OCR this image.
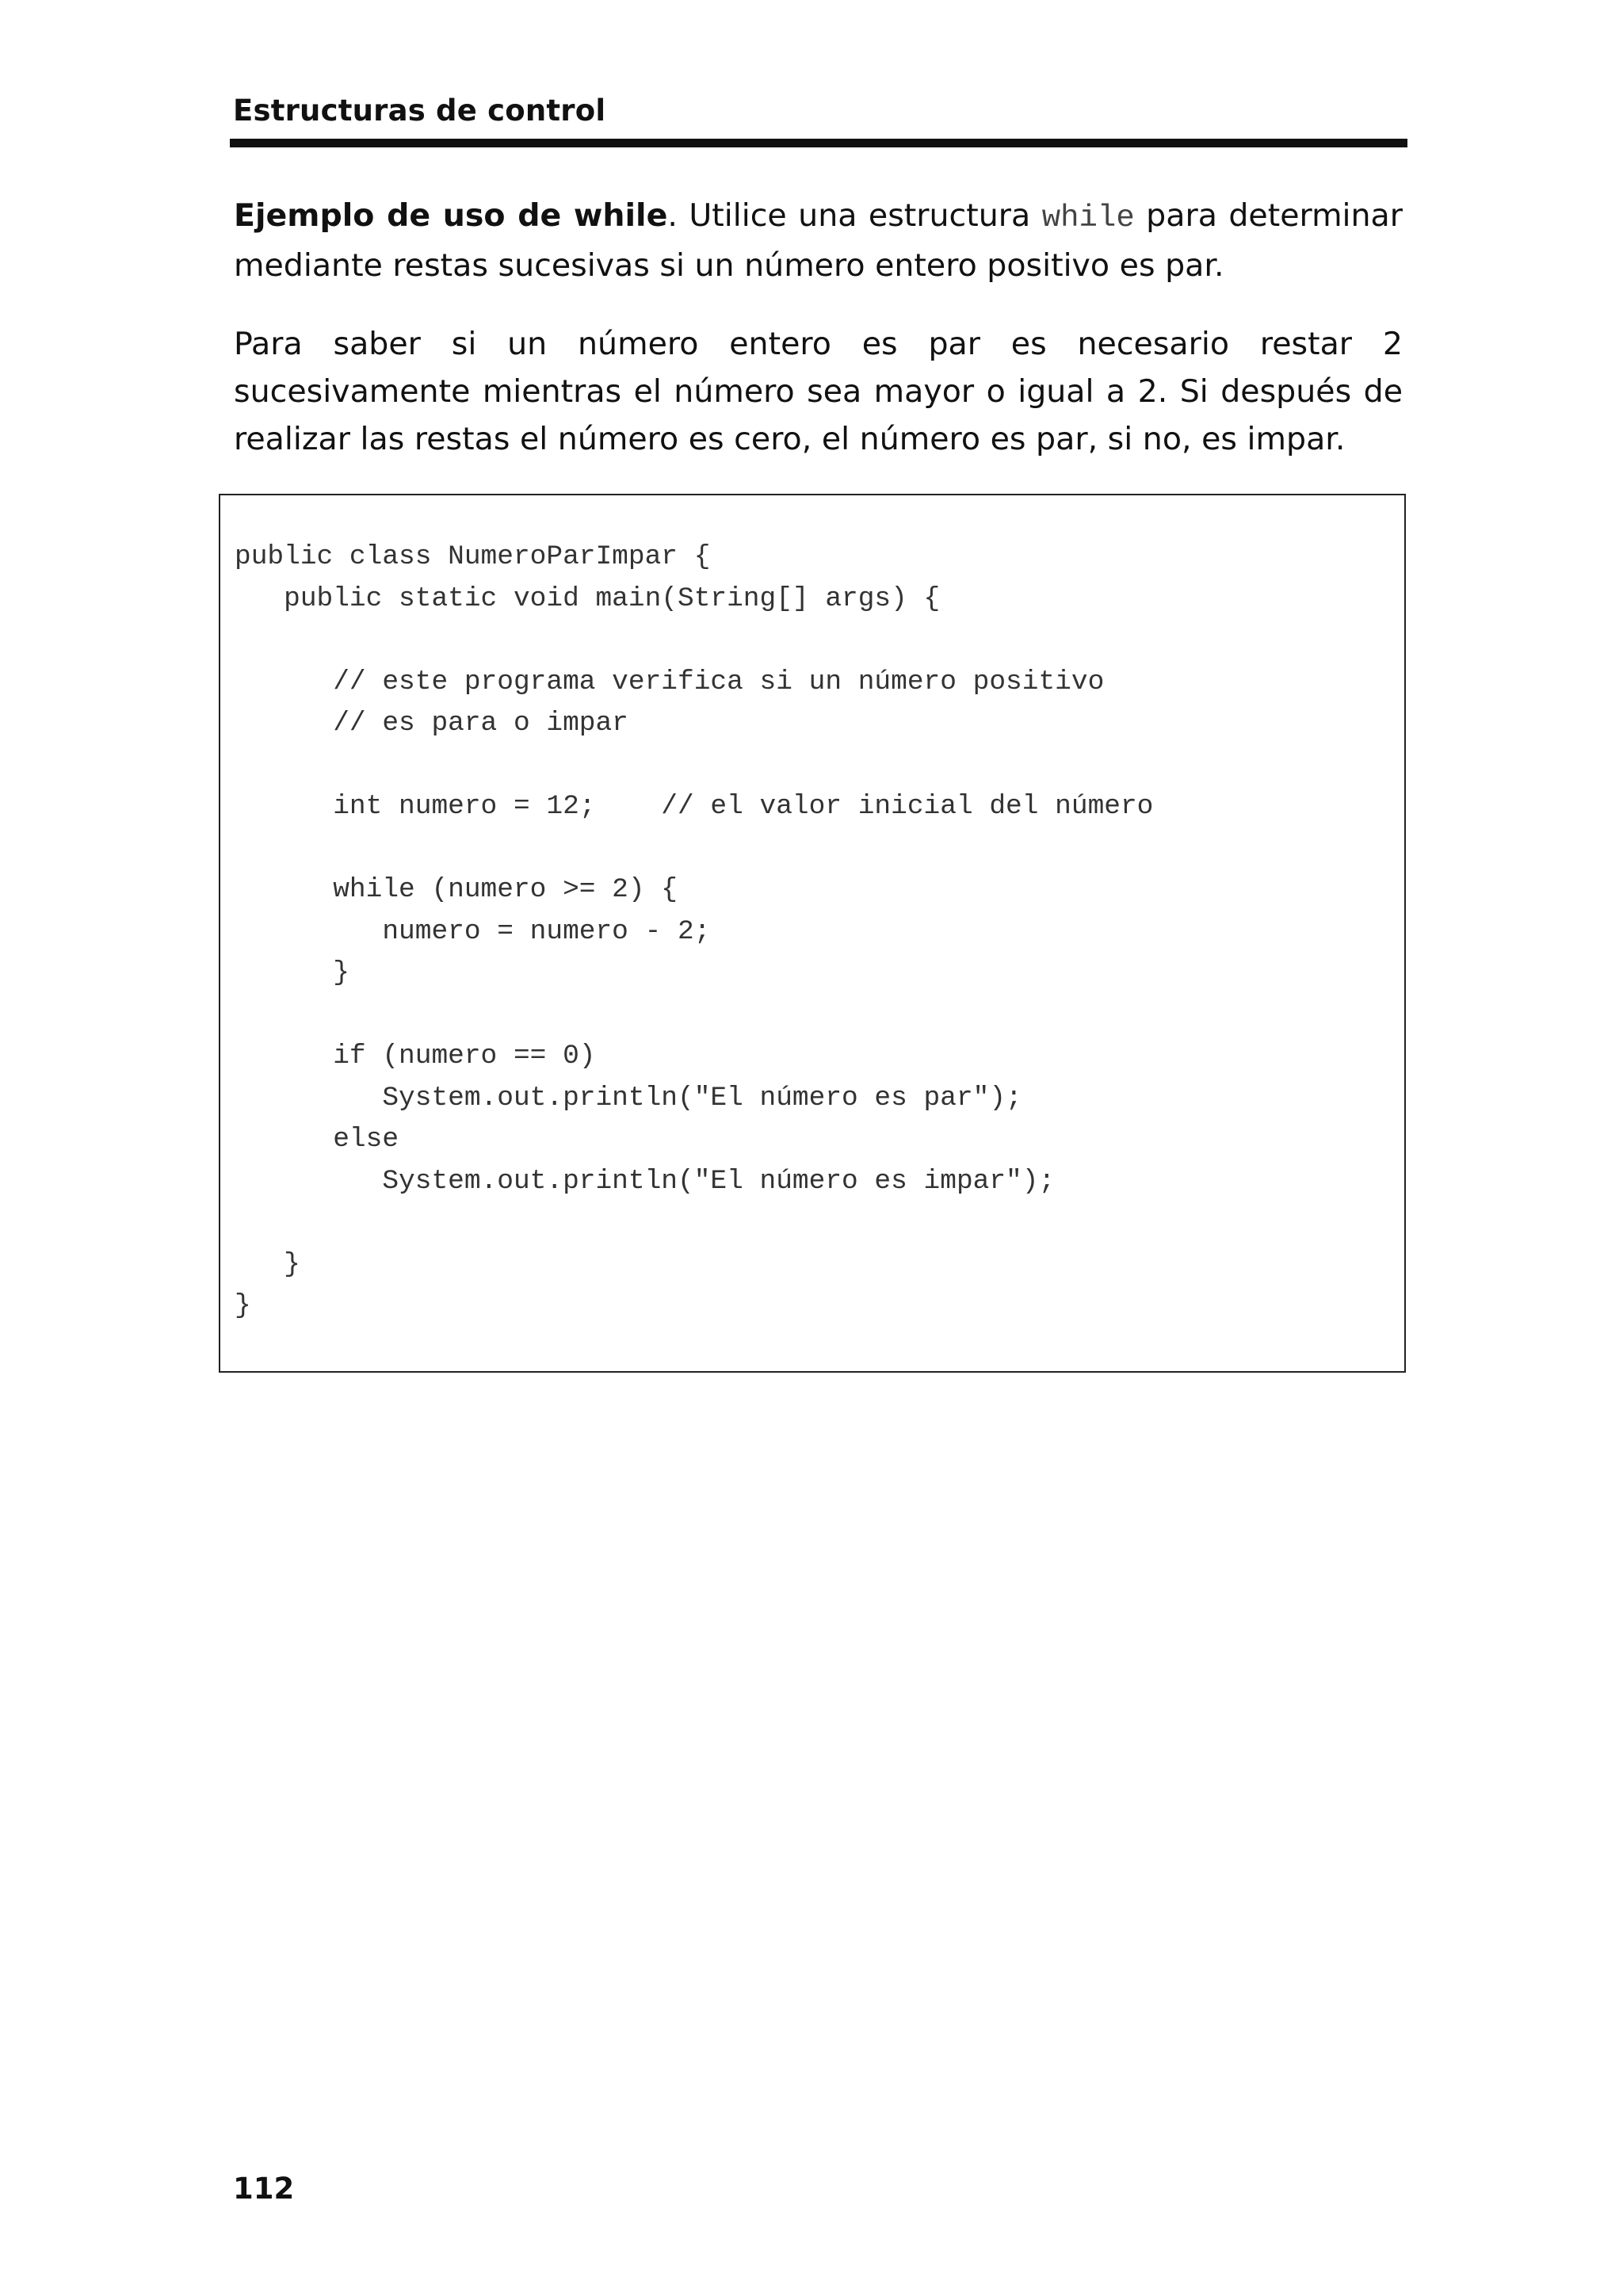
Estructuras de control

Ejemplo de uso de while. Utilice una estructura while para determinar mediante restas sucesivas si un número entero positivo es par.

Para saber si un número entero es par es necesario restar 2 sucesivamente mientras el número sea mayor o igual a 2. Si después de realizar las restas el número es cero, el número es par, si no, es impar.

public class NumeroParImpar {
public static void main(String[] args) {
// este programa verifica si un número positivo
// es para o impar
int numero = 12;    // el valor inicial del número
while (numero >= 2) {
numero = numero - 2;
}
if (numero == 0)
System.out.println("El número es par");
else
System.out.println("El número es impar");
}
}
112
